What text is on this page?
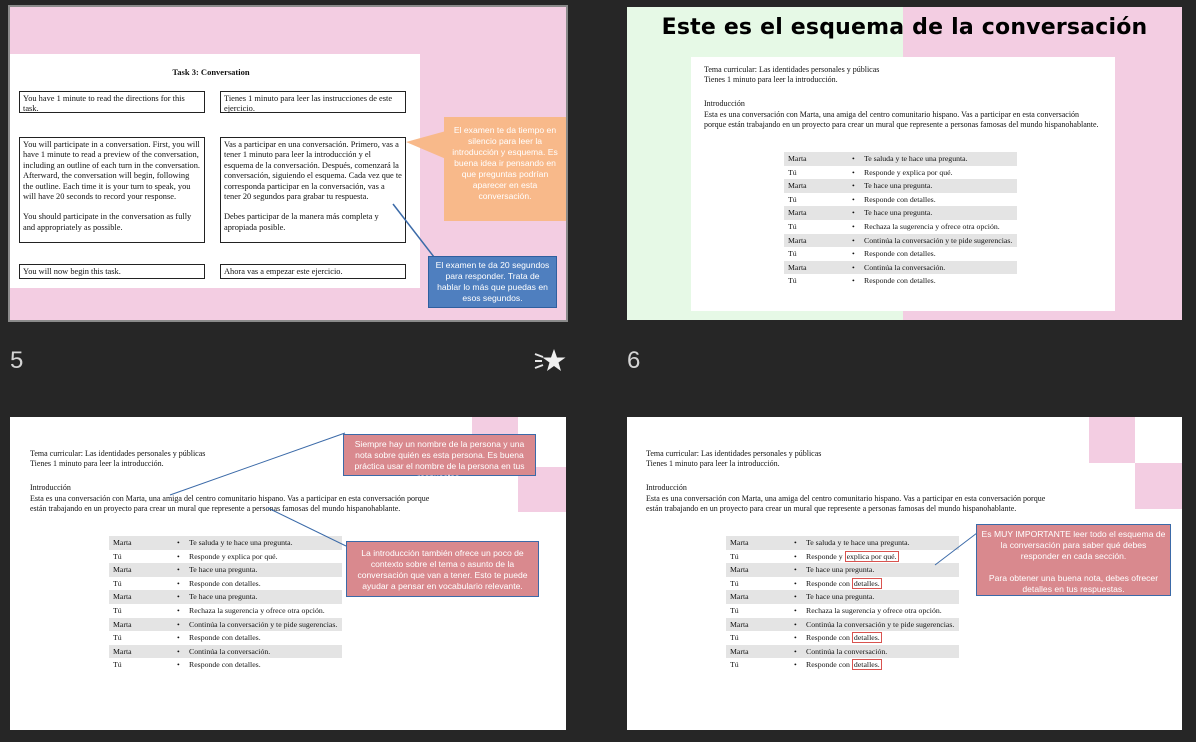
Task 3: Conversation
You have 1 minute to read the directions for this task.
Tienes 1 minuto para leer las instrucciones de este ejercicio.
You will participate in a conversation. First, you will have 1 minute to read a preview of the conversation, including an outline of each turn in the conversation. Afterward, the conversation will begin, following the outline. Each time it is your turn to speak, you will have 20 seconds to record your response.
You should participate in the conversation as fully and appropriately as possible.
Vas a participar en una conversación. Primero, vas a tener 1 minuto para leer la introducción y el esquema de la conversación. Después, comenzará la conversación, siguiendo el esquema. Cada vez que te corresponda participar en la conversación, vas a tener 20 segundos para grabar tu respuesta.
Debes participar de la manera más completa y apropiada posible.
You will now begin this task.	Ahora vas a empezar este ejercicio.
El examen te da tiempo en silencio para leer la introducción y esquema. Es buena idea ir pensando en que preguntas podrían aparecer en esta conversación.
El examen te da 20 segundos para responder. Trata de hablar lo más que puedas en esos segundos.
Este es el esquema de la conversación
Tema curricular: Las identidades personales y públicas
Tienes 1 minuto para leer la introducción.
Introducción
Esta es una conversación con Marta, una amiga del centro comunitario hispano. Vas a participar en esta conversación porque están trabajando en un proyecto para crear un mural que represente a personas famosas del mundo hispanohablante.
Marta	•	Te saluda y te hace una pregunta.
Tú	•	Responde y explica por qué.
Marta	•	Te hace una pregunta.
Tú	•	Responde con detalles.
Marta	•	Te hace una pregunta.
Tú	•	Rechaza la sugerencia y ofrece otra opción.
Marta	•	Continúa la conversación y te pide sugerencias.
Tú	•	Responde con detalles.
Marta	•	Continúa la conversación.
Tú	•	Responde con detalles.
5	6
Tema curricular: Las identidades personales y públicas
Tienes 1 minuto para leer la introducción.
Introducción
Esta es una conversación con Marta, una amiga del centro comunitario hispano. Vas a participar en esta conversación porque están trabajando en un proyecto para crear un mural que represente a personas famosas del mundo hispanohablante.
Marta	•	Te saluda y te hace una pregunta.
Tú	•	Responde y explica por qué.
Marta	•	Te hace una pregunta.
Tú	•	Responde con detalles.
Marta	•	Te hace una pregunta.
Tú	•	Rechaza la sugerencia y ofrece otra opción.
Marta	•	Continúa la conversación y te pide sugerencias.
Tú	•	Responde con detalles.
Marta	•	Continúa la conversación.
Tú	•	Responde con detalles.
Siempre hay un nombre de la persona y una nota sobre quién es esta persona. Es buena práctica usar el nombre de la persona en tus respuestas.
La introducción también ofrece un poco de contexto sobre el tema o asunto de la conversación que van a tener. Esto te puede ayudar a pensar en vocabulario relevante.
Tema curricular: Las identidades personales y públicas
Tienes 1 minuto para leer la introducción.
Introducción
Esta es una conversación con Marta, una amiga del centro comunitario hispano. Vas a participar en esta conversación porque están trabajando en un proyecto para crear un mural que represente a personas famosas del mundo hispanohablante.
Marta	•	Te saluda y te hace una pregunta.
Tú	•	Responde y explica por qué.
Marta	•	Te hace una pregunta.
Tú	•	Responde con detalles.
Marta	•	Te hace una pregunta.
Tú	•	Rechaza la sugerencia y ofrece otra opción.
Marta	•	Continúa la conversación y te pide sugerencias.
Tú	•	Responde con detalles.
Marta	•	Continúa la conversación.
Tú	•	Responde con detalles.
Es MUY IMPORTANTE leer todo el esquema de la conversación para saber qué debes responder en cada sección.
Para obtener una buena nota, debes ofrecer detalles en tus respuestas.
